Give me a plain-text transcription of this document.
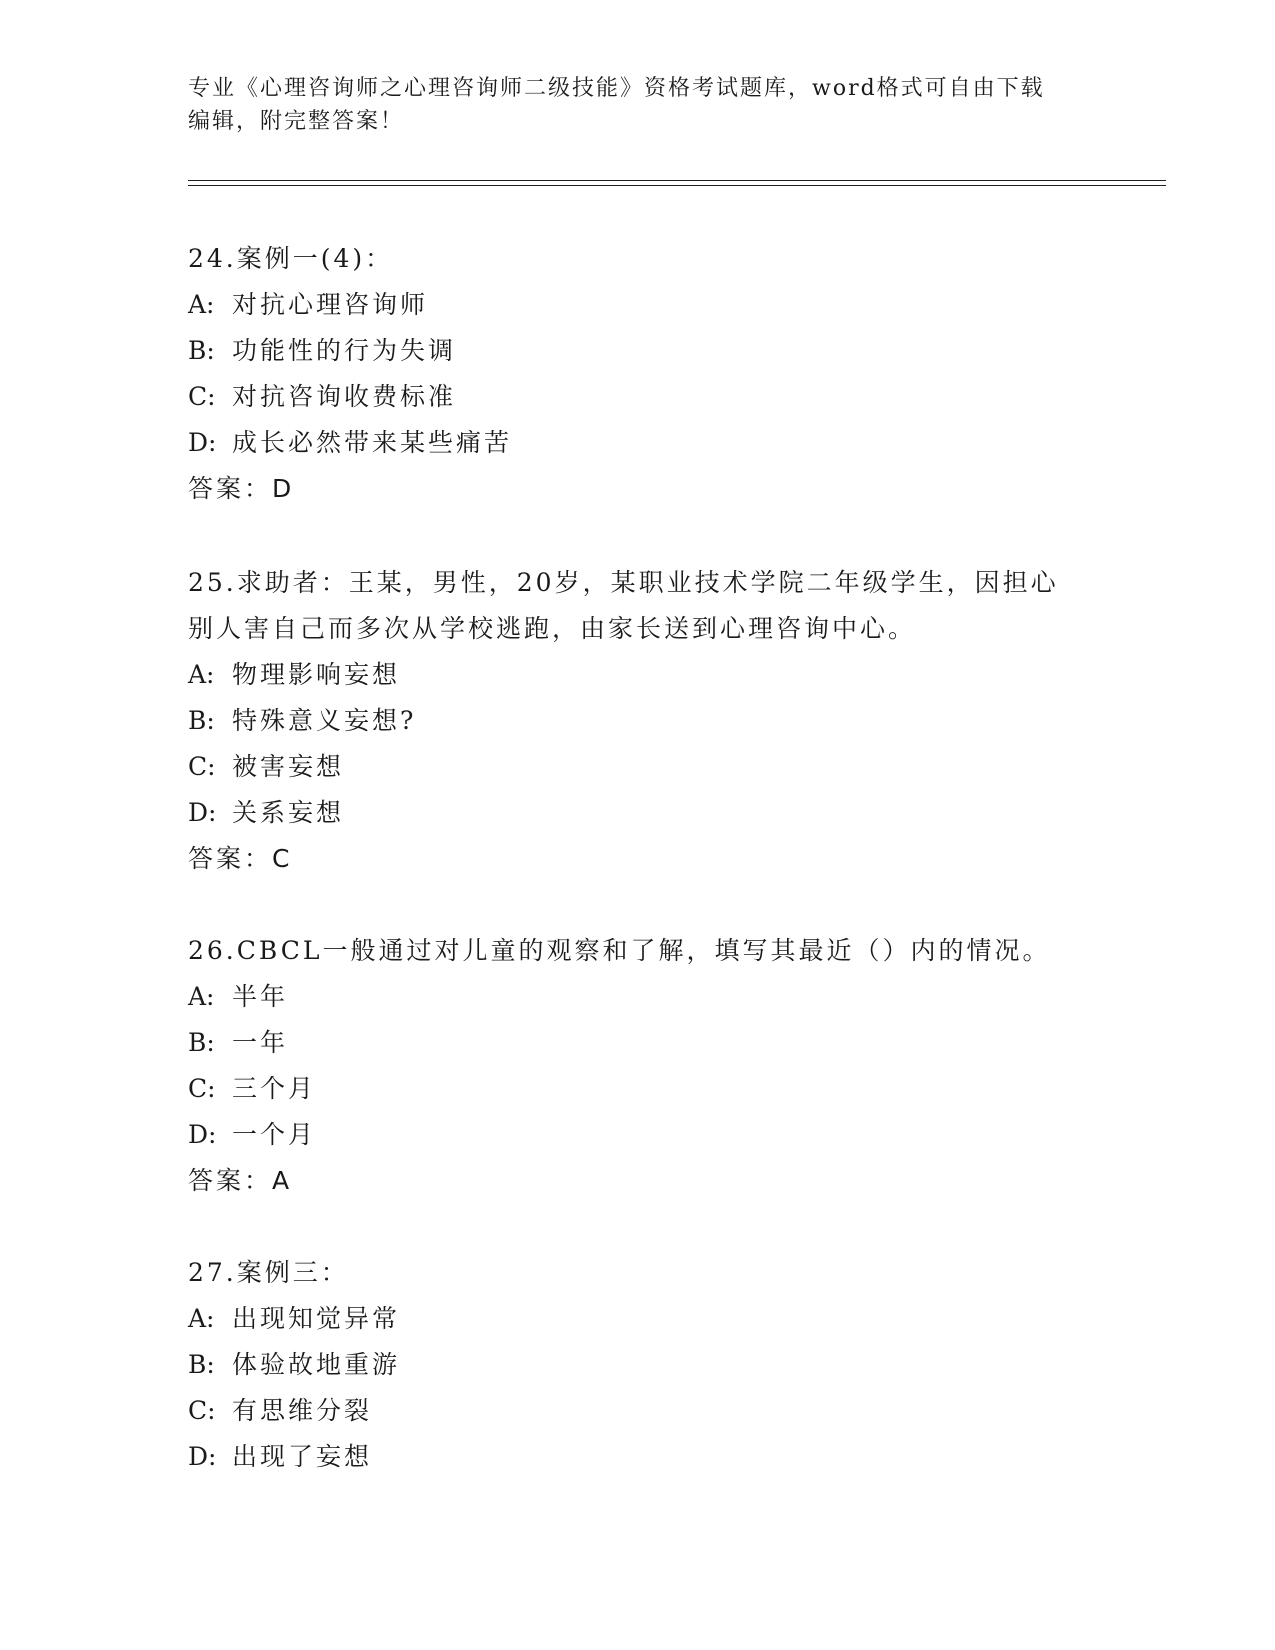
专业《心理咨询师之心理咨询师二级技能》资格考试题库，word格式可自由下载
编辑，附完整答案！

24.案例一(4)：

A: 对抗心理咨询师

B: 功能性的行为失调

C: 对抗咨询收费标准

D: 成长必然带来某些痛苦

答案：D

25.求助者：王某，男性，20岁，某职业技术学院二年级学生，因担心

别人害自己而多次从学校逃跑，由家长送到心理咨询中心。

A: 物理影响妄想

B: 特殊意义妄想?

C: 被害妄想

D: 关系妄想

答案：C

26.CBCL一般通过对儿童的观察和了解，填写其最近（）内的情况。

A: 半年

B: 一年

C: 三个月

D: 一个月

答案：A

27.案例三：

A: 出现知觉异常

B: 体验故地重游

C: 有思维分裂

D: 出现了妄想
